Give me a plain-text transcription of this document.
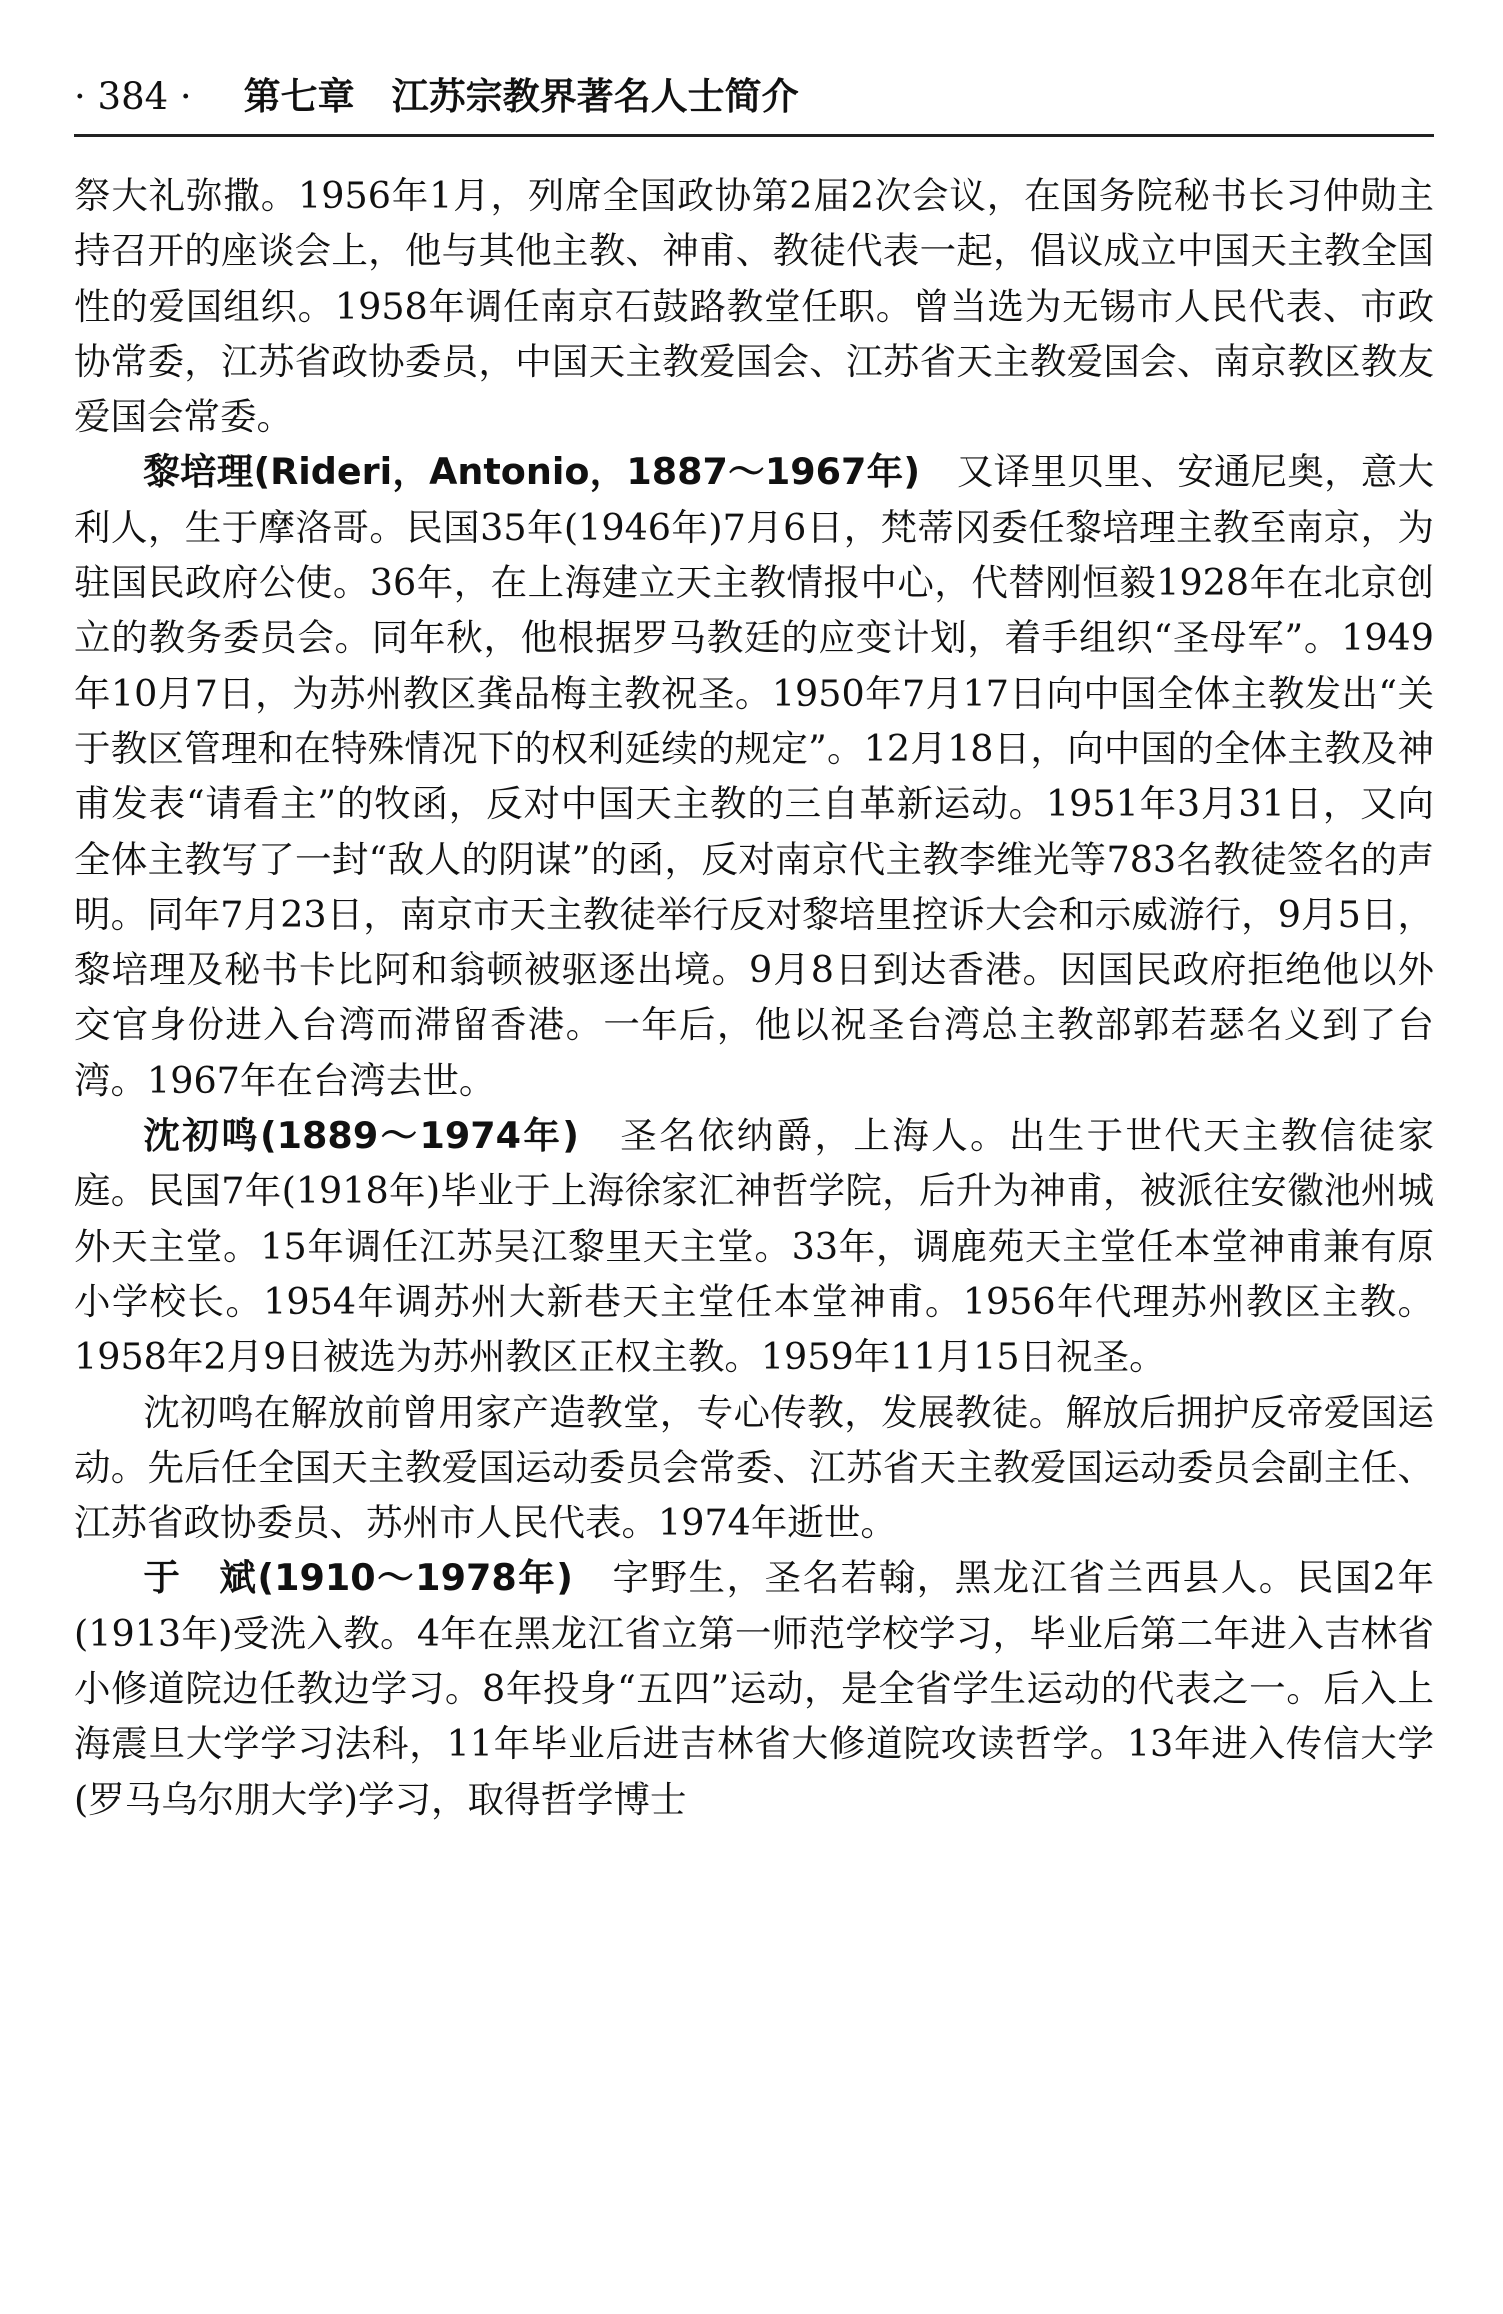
· 384 · 第七章　江苏宗教界著名人士简介

祭大礼弥撒。1956年1月，列席全国政协第2届2次会议，在国务院秘书长习仲勋主持召开的座谈会上，他与其他主教、神甫、教徒代表一起，倡议成立中国天主教全国性的爱国组织。1958年调任南京石鼓路教堂任职。曾当选为无锡市人民代表、市政协常委，江苏省政协委员，中国天主教爱国会、江苏省天主教爱国会、南京教区教友爱国会常委。

黎培理(Rideri，Antonio，1887～1967年)　 又译里贝里、安通尼奥，意大利人，生于摩洛哥。民国35年(1946年)7月6日，梵蒂冈委任黎培理主教至南京，为驻国民政府公使。36年，在上海建立天主教情报中心，代替刚恒毅1928年在北京创立的教务委员会。同年秋，他根据罗马教廷的应变计划，着手组织“圣母军”。1949年10月7日，为苏州教区龚品梅主教祝圣。1950年7月17日向中国全体主教发出“关于教区管理和在特殊情况下的权利延续的规定”。12月18日，向中国的全体主教及神甫发表“请看主”的牧函，反对中国天主教的三自革新运动。1951年3月31日，又向全体主教写了一封“敌人的阴谋”的函，反对南京代主教李维光等783名教徒签名的声明。同年7月23日，南京市天主教徒举行反对黎培里控诉大会和示威游行，9月5日，黎培理及秘书卡比阿和翁顿被驱逐出境。9月8日到达香港。因国民政府拒绝他以外交官身份进入台湾而滞留香港。一年后，他以祝圣台湾总主教部郭若瑟名义到了台湾。1967年在台湾去世。

沈初鸣(1889～1974年)　 圣名依纳爵，上海人。出生于世代天主教信徒家庭。民国7年(1918年)毕业于上海徐家汇神哲学院，后升为神甫，被派往安徽池州城外天主堂。15年调任江苏吴江黎里天主堂。33年，调鹿苑天主堂任本堂神甫兼有原小学校长。1954年调苏州大新巷天主堂任本堂神甫。1956年代理苏州教区主教。1958年2月9日被选为苏州教区正权主教。1959年11月15日祝圣。

沈初鸣在解放前曾用家产造教堂，专心传教，发展教徒。解放后拥护反帝爱国运动。先后任全国天主教爱国运动委员会常委、江苏省天主教爱国运动委员会副主任、江苏省政协委员、苏州市人民代表。1974年逝世。

于　斌(1910～1978年)　 字野生，圣名若翰，黑龙江省兰西县人。民国2年(1913年)受洗入教。4年在黑龙江省立第一师范学校学习，毕业后第二年进入吉林省小修道院边任教边学习。8年投身“五四”运动，是全省学生运动的代表之一。后入上海震旦大学学习法科，11年毕业后进吉林省大修道院攻读哲学。13年进入传信大学(罗马乌尔朋大学)学习，取得哲学博士
